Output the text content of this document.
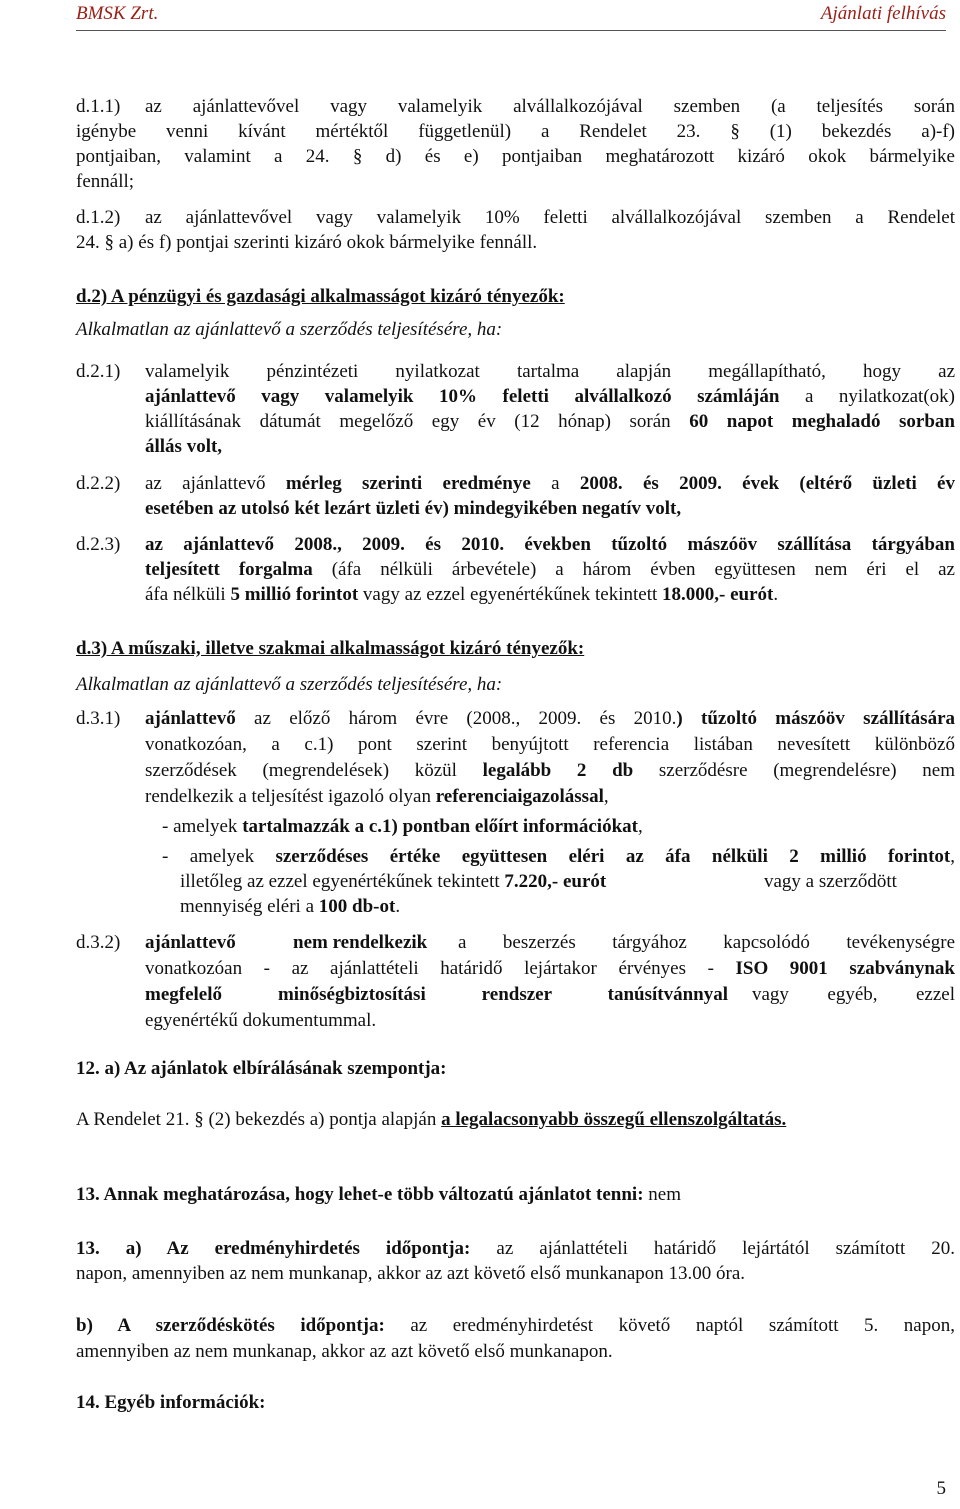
BMSK Zrt.	Ajánlati felhívás
d.1.1) az ajánlattevővel vagy valamelyik alvállalkozójával szemben (a teljesítés során
igénybe venni kívánt mértéktől függetlenül) a Rendelet 23. § (1) bekezdés a)-f)
pontjaiban, valamint a 24. § d) és e) pontjaiban meghatározott kizáró okok bármelyike
fennáll;
d.1.2) az ajánlattevővel vagy valamelyik 10% feletti alvállalkozójával szemben a Rendelet
24. § a) és f) pontjai szerinti kizáró okok bármelyike fennáll.
d.2) A pénzügyi és gazdasági alkalmasságot kizáró tényezők:
Alkalmatlan az ajánlattevő a szerződés teljesítésére, ha:
d.2.1) valamelyik pénzintézeti nyilatkozat tartalma alapján megállapítható, hogy az
ajánlattevő vagy valamelyik 10% feletti alvállalkozó számláján a nyilatkozat(ok)
kiállításának dátumát megelőző egy év (12 hónap) során 60 napot meghaladó sorban
állás volt,
d.2.2) az ajánlattevő mérleg szerinti eredménye a 2008. és 2009. évek (eltérő üzleti év
esetében az utolsó két lezárt üzleti év) mindegyikében negatív volt,
d.2.3) az ajánlattevő 2008., 2009. és 2010. években tűzoltó mászóöv szállítása tárgyában
teljesített forgalma (áfa nélküli árbevétele) a három évben együttesen nem éri el az
áfa nélküli 5 millió forintot vagy az ezzel egyenértékűnek tekintett 18.000,- eurót.
d.3) A műszaki, illetve szakmai alkalmasságot kizáró tényezők:
Alkalmatlan az ajánlattevő a szerződés teljesítésére, ha:
d.3.1) ajánlattevő az előző három évre (2008., 2009. és 2010.) tűzoltó mászóöv szállítására
vonatkozóan, a c.1) pont szerint benyújtott referencia listában nevesített különböző
szerződések (megrendelések) közül legalább 2 db szerződésre (megrendelésre) nem
rendelkezik a teljesítést igazoló olyan referenciaigazolással,
- amelyek tartalmazzák a c.1) pontban előírt információkat,
- amelyek szerződéses értéke együttesen eléri az áfa nélküli 2 millió forintot,
illetőleg az ezzel egyenértékűnek tekintett 7.220,- eurót	vagy a szerződött
mennyiség eléri a 100 db-ot.
d.3.2) ajánlattevő	nem rendelkezik a beszerzés tárgyához kapcsolódó tevékenységre
vonatkozóan - az ajánlattételi határidő lejártakor érvényes - ISO 9001 szabványnak
megfelelő minőségbiztosítási rendszer tanúsítvánnyal vagy egyéb, ezzel
egyenértékű dokumentummal.
12. a) Az ajánlatok elbírálásának szempontja:
A Rendelet 21. § (2) bekezdés a) pontja alapján a legalacsonyabb összegű ellenszolgáltatás.
13. Annak meghatározása, hogy lehet-e több változatú ajánlatot tenni: nem
13. a) Az eredményhirdetés időpontja: az ajánlattételi határidő lejártától számított 20.
napon, amennyiben az nem munkanap, akkor az azt követő első munkanapon 13.00 óra.
b) A szerződéskötés időpontja: az eredményhirdetést követő naptól számított 5. napon,
amennyiben az nem munkanap, akkor az azt követő első munkanapon.
14. Egyéb információk:
5
